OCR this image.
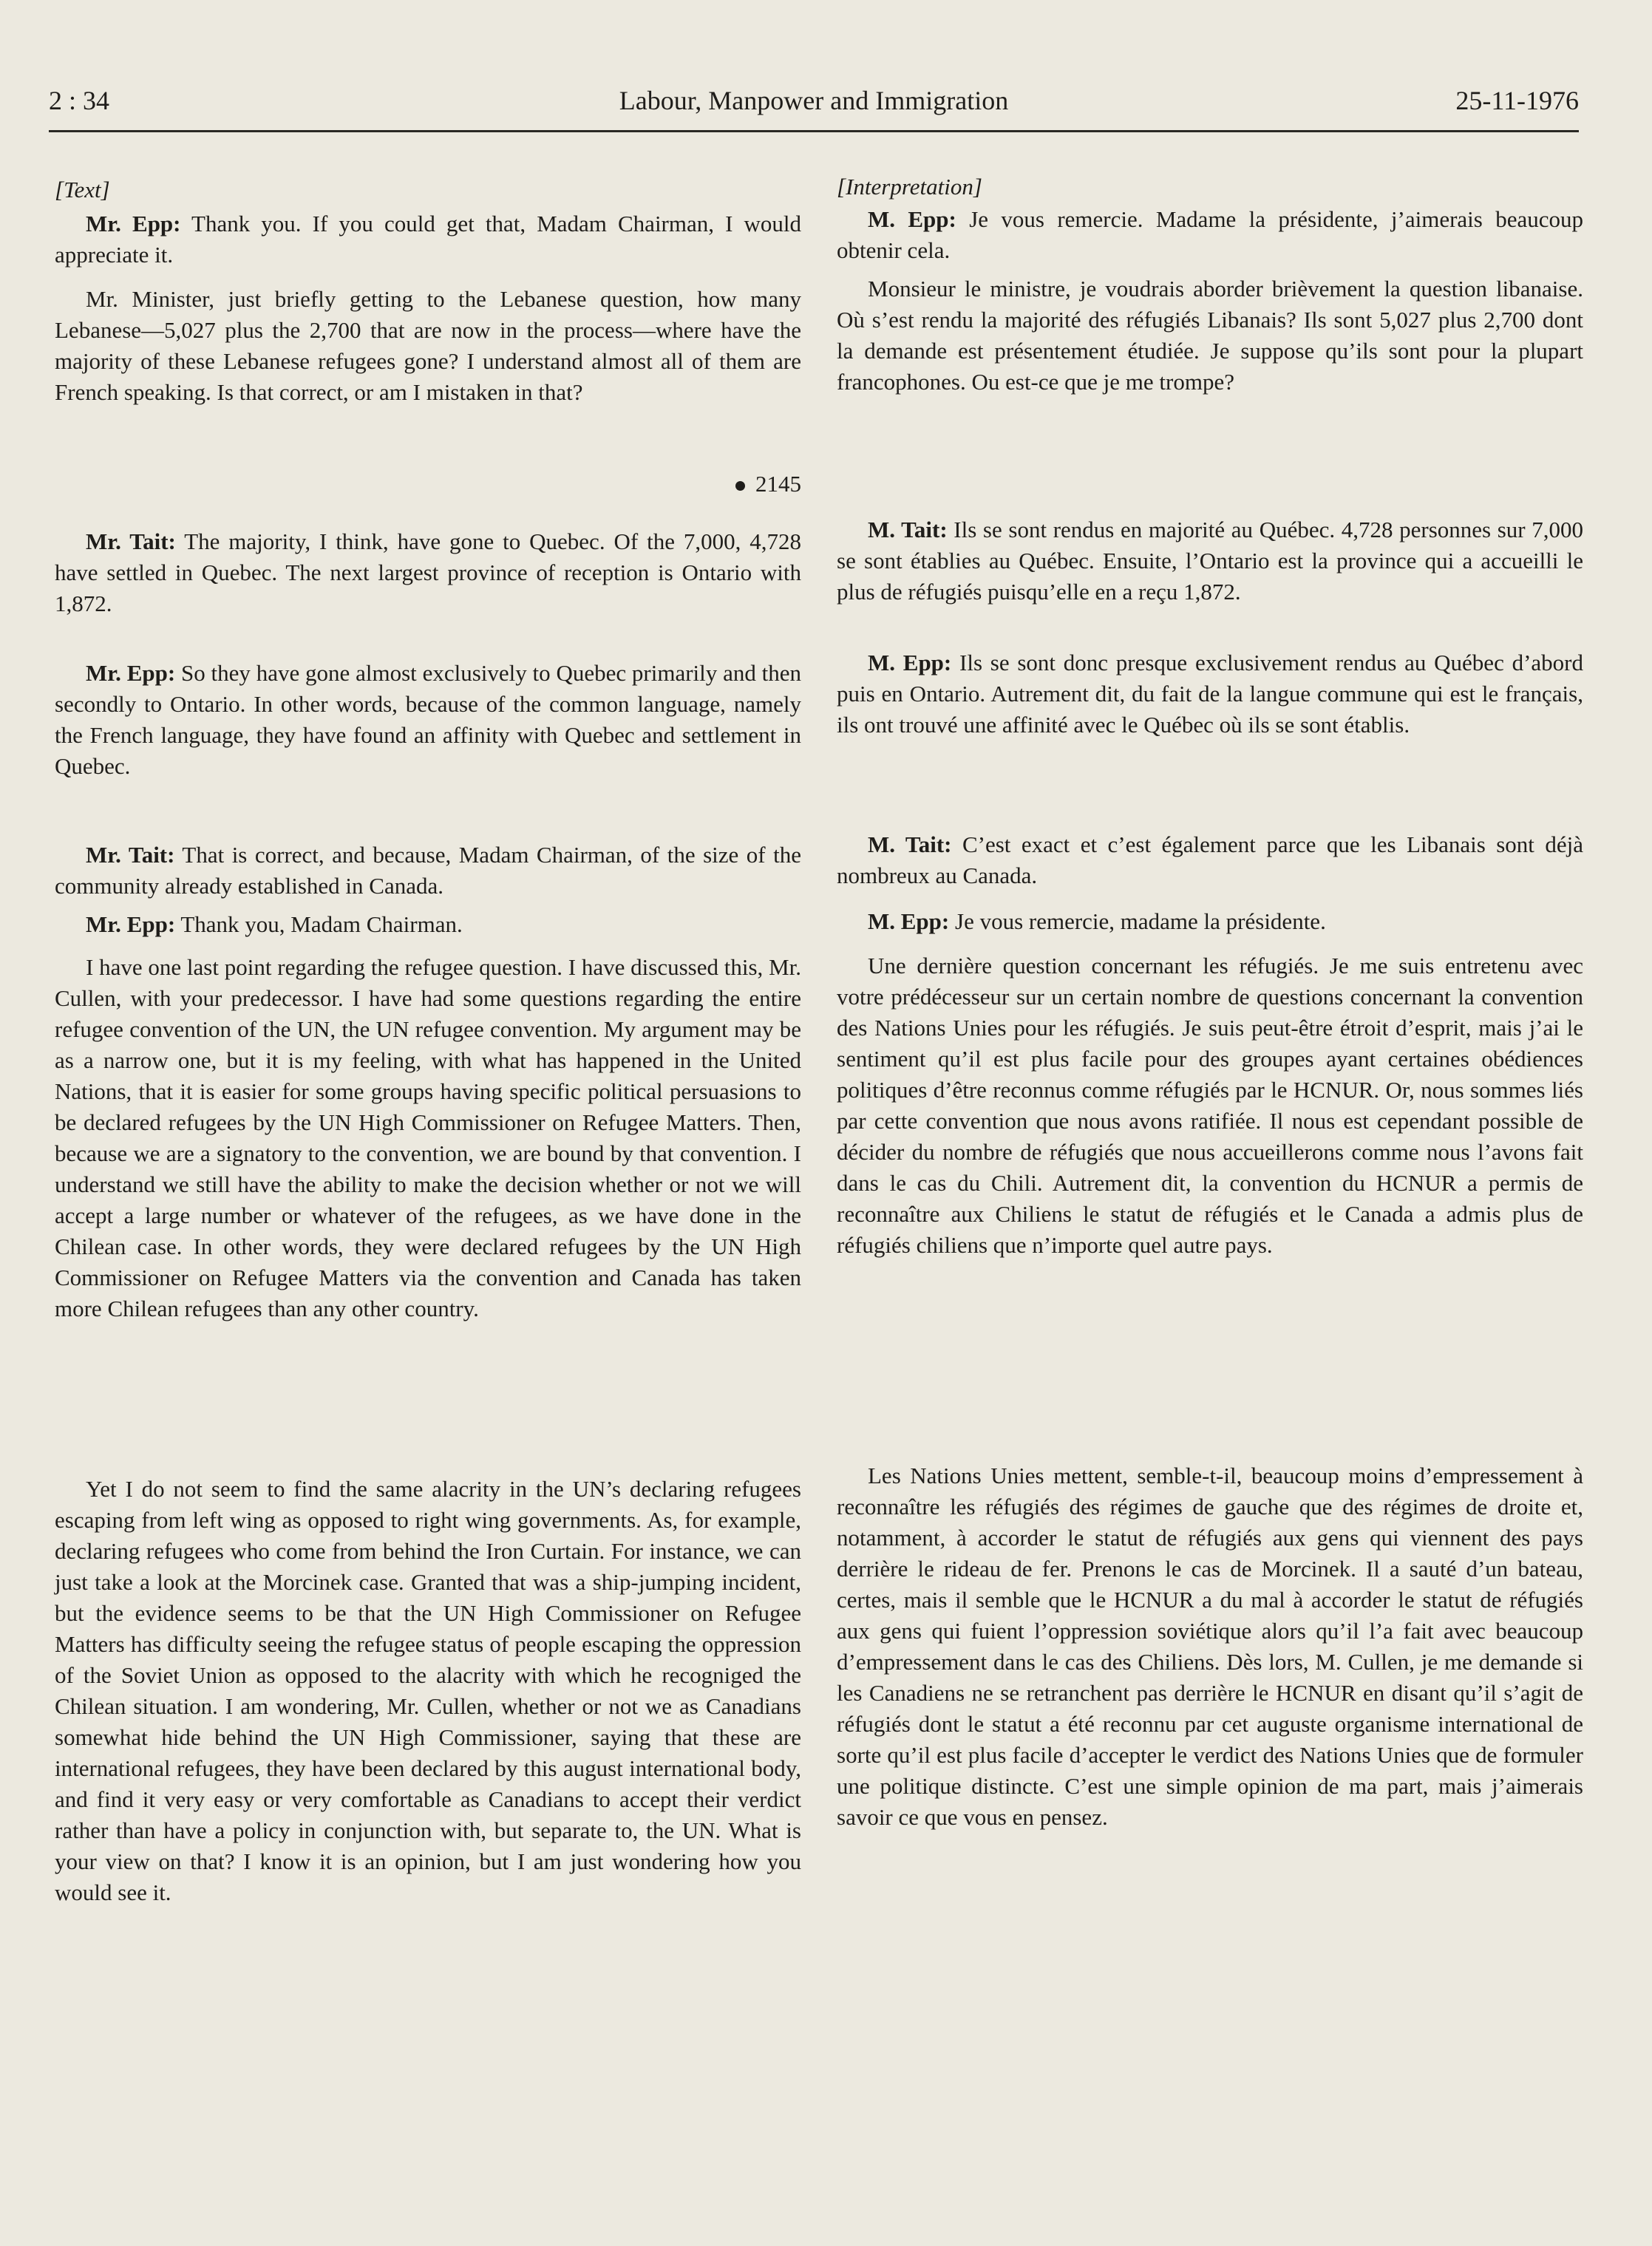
2 : 34	Labour, Manpower and Immigration	25-11-1976

[Text]

Mr. Epp: Thank you. If you could get that, Madam Chairman, I would appreciate it.

Mr. Minister, just briefly getting to the Lebanese question, how many Lebanese—5,027 plus the 2,700 that are now in the process—where have the majority of these Lebanese refugees gone? I understand almost all of them are French speaking. Is that correct, or am I mistaken in that?

2145

Mr. Tait: The majority, I think, have gone to Quebec. Of the 7,000, 4,728 have settled in Quebec. The next largest province of reception is Ontario with 1,872.

Mr. Epp: So they have gone almost exclusively to Quebec primarily and then secondly to Ontario. In other words, because of the common language, namely the French language, they have found an affinity with Quebec and settlement in Quebec.

Mr. Tait: That is correct, and because, Madam Chairman, of the size of the community already established in Canada.

Mr. Epp: Thank you, Madam Chairman.

I have one last point regarding the refugee question. I have discussed this, Mr. Cullen, with your predecessor. I have had some questions regarding the entire refugee convention of the UN, the UN refugee convention. My argument may be as a narrow one, but it is my feeling, with what has happened in the United Nations, that it is easier for some groups having specific political persuasions to be declared refugees by the UN High Commissioner on Refugee Matters. Then, because we are a signatory to the convention, we are bound by that convention. I understand we still have the ability to make the decision whether or not we will accept a large number or whatever of the refugees, as we have done in the Chilean case. In other words, they were declared refugees by the UN High Commissioner on Refugee Matters via the convention and Canada has taken more Chilean refugees than any other country.

Yet I do not seem to find the same alacrity in the UN’s declaring refugees escaping from left wing as opposed to right wing governments. As, for example, declaring refugees who come from behind the Iron Curtain. For instance, we can just take a look at the Morcinek case. Granted that was a ship-jumping incident, but the evidence seems to be that the UN High Commissioner on Refugee Matters has difficulty seeing the refugee status of people escaping the oppression of the Soviet Union as opposed to the alacrity with which he recogniged the Chilean situation. I am wondering, Mr. Cullen, whether or not we as Canadians somewhat hide behind the UN High Commissioner, saying that these are international refugees, they have been declared by this august international body, and find it very easy or very comfortable as Canadians to accept their verdict rather than have a policy in conjunction with, but separate to, the UN. What is your view on that? I know it is an opinion, but I am just wondering how you would see it.

[Interpretation]

M. Epp: Je vous remercie. Madame la présidente, j’aimerais beaucoup obtenir cela.

Monsieur le ministre, je voudrais aborder brièvement la question libanaise. Où s’est rendu la majorité des réfugiés Libanais? Ils sont 5,027 plus 2,700 dont la demande est présentement étudiée. Je suppose qu’ils sont pour la plupart francophones. Ou est-ce que je me trompe?

M. Tait: Ils se sont rendus en majorité au Québec. 4,728 personnes sur 7,000 se sont établies au Québec. Ensuite, l’Ontario est la province qui a accueilli le plus de réfugiés puisqu’elle en a reçu 1,872.

M. Epp: Ils se sont donc presque exclusivement rendus au Québec d’abord puis en Ontario. Autrement dit, du fait de la langue commune qui est le français, ils ont trouvé une affinité avec le Québec où ils se sont établis.

M. Tait: C’est exact et c’est également parce que les Libanais sont déjà nombreux au Canada.

M. Epp: Je vous remercie, madame la présidente.

Une dernière question concernant les réfugiés. Je me suis entretenu avec votre prédécesseur sur un certain nombre de questions concernant la convention des Nations Unies pour les réfugiés. Je suis peut-être étroit d’esprit, mais j’ai le sentiment qu’il est plus facile pour des groupes ayant certaines obédiences politiques d’être reconnus comme réfugiés par le HCNUR. Or, nous sommes liés par cette convention que nous avons ratifiée. Il nous est cependant possible de décider du nombre de réfugiés que nous accueillerons comme nous l’avons fait dans le cas du Chili. Autrement dit, la convention du HCNUR a permis de reconnaître aux Chiliens le statut de réfugiés et le Canada a admis plus de réfugiés chiliens que n’importe quel autre pays.

Les Nations Unies mettent, semble-t-il, beaucoup moins d’empressement à reconnaître les réfugiés des régimes de gauche que des régimes de droite et, notamment, à accorder le statut de réfugiés aux gens qui viennent des pays derrière le rideau de fer. Prenons le cas de Morcinek. Il a sauté d’un bateau, certes, mais il semble que le HCNUR a du mal à accorder le statut de réfugiés aux gens qui fuient l’oppression soviétique alors qu’il l’a fait avec beaucoup d’empressement dans le cas des Chiliens. Dès lors, M. Cullen, je me demande si les Canadiens ne se retranchent pas derrière le HCNUR en disant qu’il s’agit de réfugiés dont le statut a été reconnu par cet auguste organisme international de sorte qu’il est plus facile d’accepter le verdict des Nations Unies que de formuler une politique distincte. C’est une simple opinion de ma part, mais j’aimerais savoir ce que vous en pensez.
